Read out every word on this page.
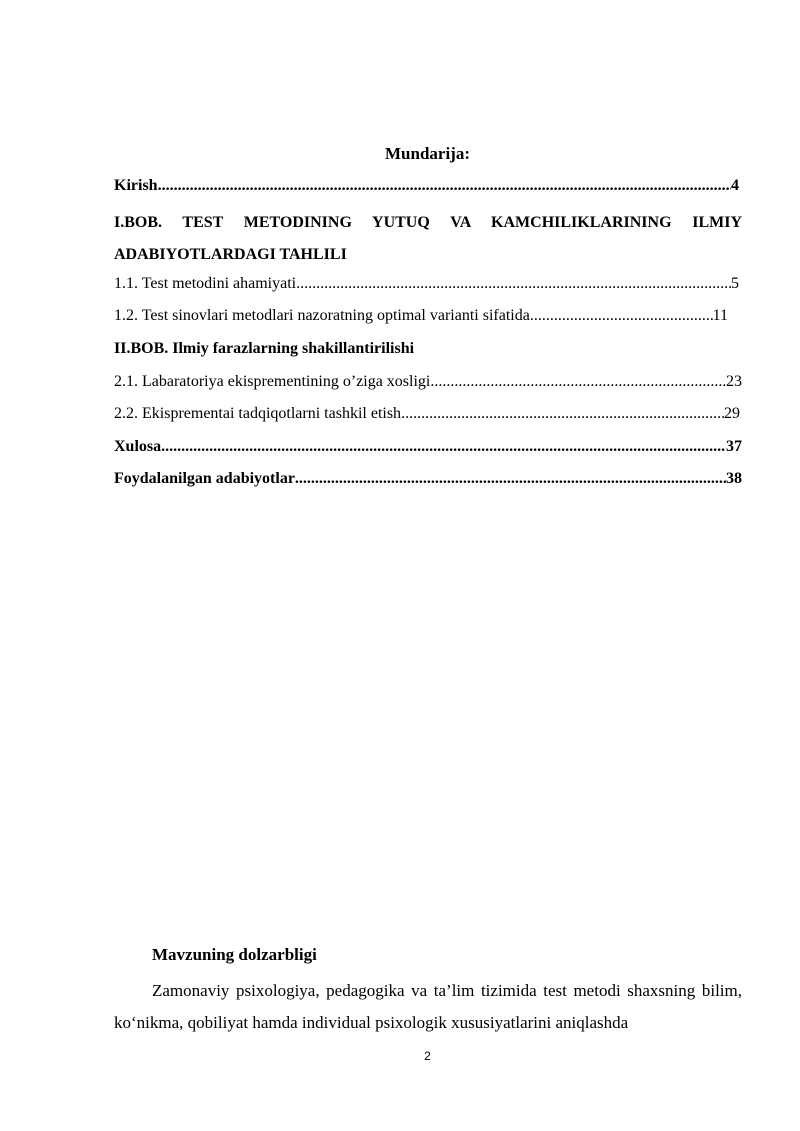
Mundarija:
Kirish .....	4
I.BOB. TEST METODINING YUTUQ VA KAMCHILIKLARINING ILMIY ADABIYOTLARDAGI TAHLILI
1.1. Test metodini ahamiyati .....	5
1.2. Test sinovlari metodlari nazoratning optimal varianti sifatida .....	11
II.BOB. Ilmiy farazlarning shakillantirilishi
2.1. Labaratoriya ekisprementining o’ziga xosligi .....	23
2.2. Ekisprementai tadqiqotlarni tashkil etish .....	29
Xulosa .....	37
Foydalanilgan adabiyotlar .....	38
Mavzuning dolzarbligi
Zamonaviy psixologiya, pedagogika va ta’lim tizimida test metodi shaxsning bilim, ko‘nikma, qobiliyat hamda individual psixologik xususiyatlarini aniqlashda
2
